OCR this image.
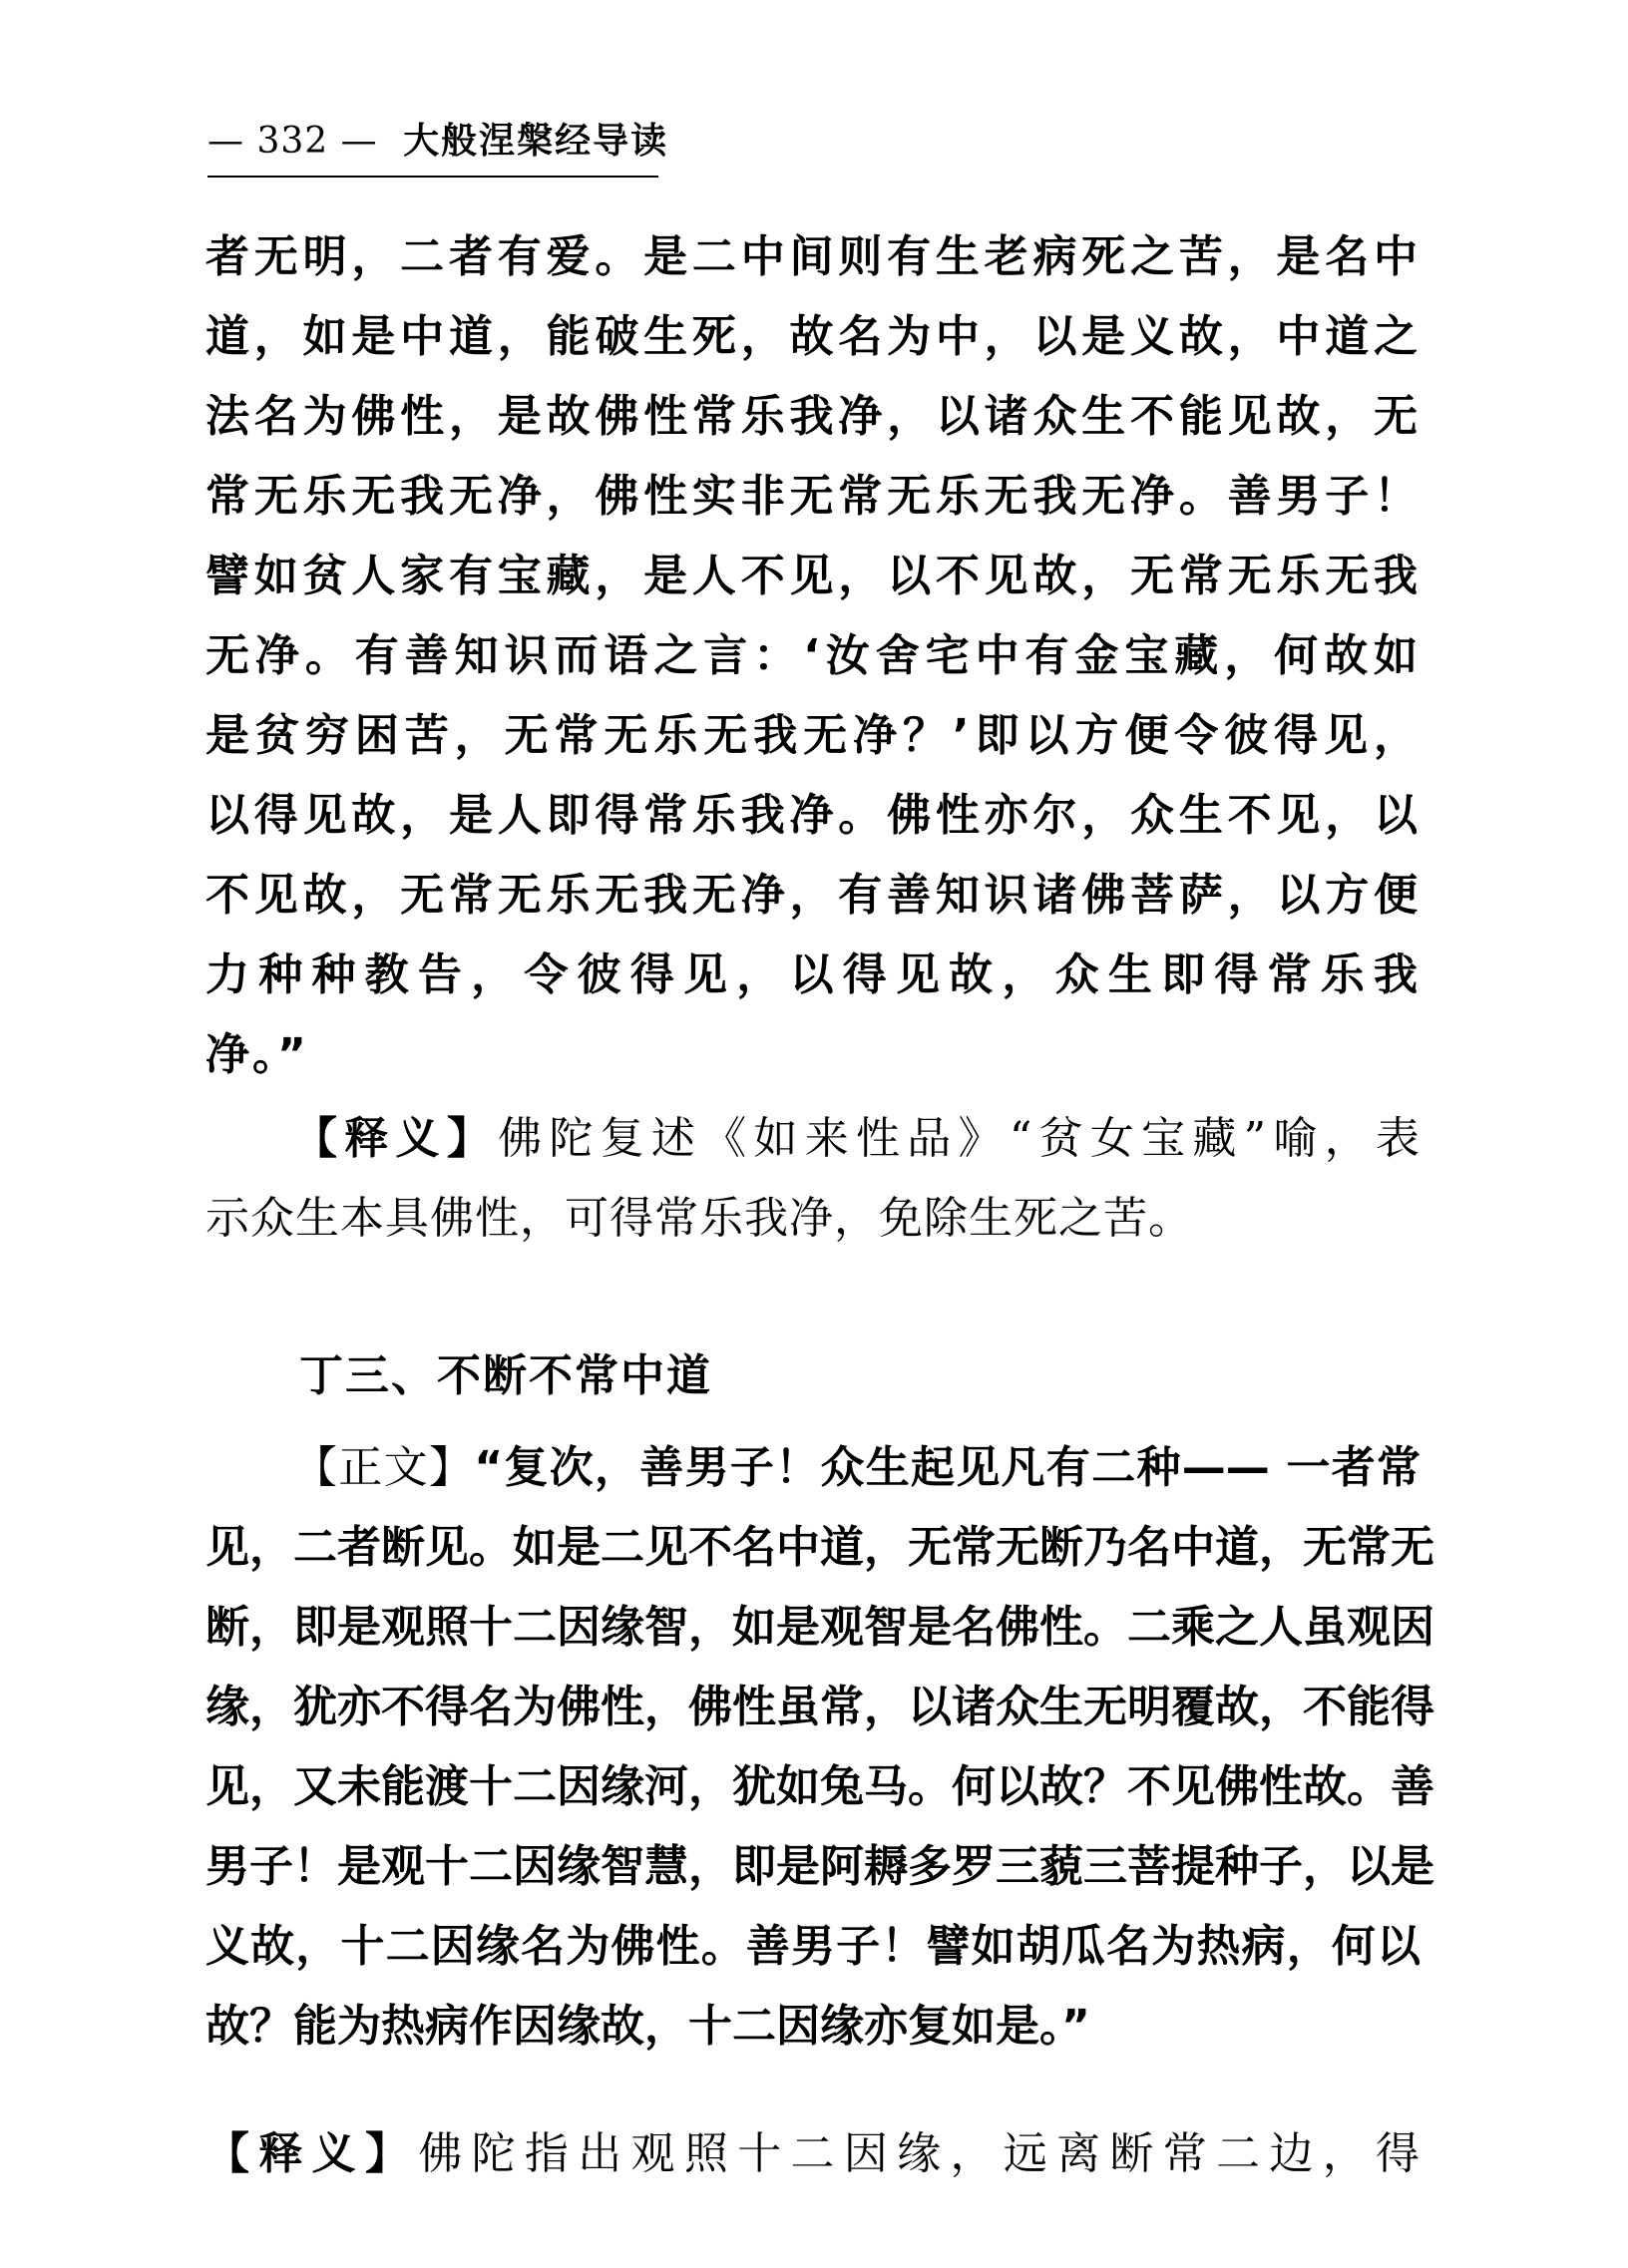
— 332 — 大般涅槃经导读
者无明，二者有爱。是二中间则有生老病死之苦，是名中
道，如是中道，能破生死，故名为中，以是义故，中道之
法名为佛性，是故佛性常乐我净，以诸众生不能见故，无
常无乐无我无净，佛性实非无常无乐无我无净。善男子！
譬如贫人家有宝藏，是人不见，以不见故，无常无乐无我
无净。有善知识而语之言：‘汝舍宅中有金宝藏，何故如
是贫穷困苦，无常无乐无我无净？’即以方便令彼得见，
以得见故，是人即得常乐我净。佛性亦尔，众生不见，以
不见故，无常无乐无我无净，有善知识诸佛菩萨，以方便
力种种教告，令彼得见，以得见故，众生即得常乐我
净。”
【释义】佛陀复述《如来性品》“贫女宝藏”喻，表
示众生本具佛性，可得常乐我净，免除生死之苦。
丁三、不断不常中道
【正文】“复次，善男子！众生起见凡有二种—— 一者常
见，二者断见。如是二见不名中道，无常无断乃名中道，无常无
断，即是观照十二因缘智，如是观智是名佛性。二乘之人虽观因
缘，犹亦不得名为佛性，佛性虽常，以诸众生无明覆故，不能得
见，又未能渡十二因缘河，犹如兔马。何以故？不见佛性故。善
男子！是观十二因缘智慧，即是阿耨多罗三藐三菩提种子，以是
义故，十二因缘名为佛性。善男子！譬如胡瓜名为热病，何以
故？能为热病作因缘故，十二因缘亦复如是。”
【释义】佛陀指出观照十二因缘，远离断常二边，得
